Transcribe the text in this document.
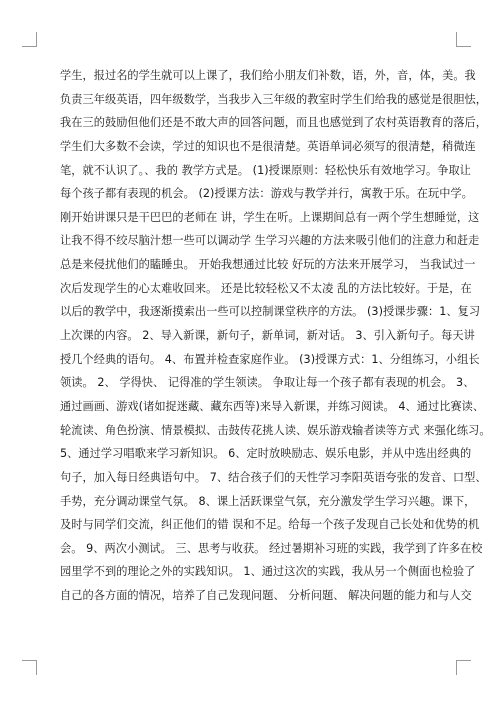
学生，报过名的学生就可以上课了，我们给小朋友们补数，语，外，音，体，美。我
负责三年级英语，四年级数学，当我步入三年级的教室时学生们给我的感觉是很胆怯，
我在三的鼓励但他们还是不敢大声的回答问题，而且也感觉到了农村英语教育的落后，
学生们大多数不会读，学过的知识也不是很清楚。英语单词必须写的很清楚，稍微连
笔，就不认识了。、我的 教学方式是。 (1)授课原则：轻松快乐有效地学习。争取让
每个孩子都有表现的机会。 (2)授课方法：游戏与教学并行，寓教于乐。在玩中学。
刚开始讲课只是干巴巴的老师在 讲，学生在听。上课期间总有一两个学生想睡觉，这
让我不得不绞尽脑汁想一些可以调动学 生学习兴趣的方法来吸引他们的注意力和赶走
总是来侵扰他们的瞌睡虫。 开始我想通过比较 好玩的方法来开展学习， 当我试过一
次后发现学生的心太难收回来。 还是比较轻松又不太凌 乱的方法比较好。于是，在
以后的教学中，我逐渐摸索出一些可以控制课堂秩序的方法。 (3)授课步骤：1、复习
上次课的内容。 2、导入新课，新句子，新单词，新对话。 3、引入新句子。每天讲
授几个经典的语句。 4、布置并检查家庭作业。 (3)授课方式：1、分组练习，小组长
领读。 2、 学得快、 记得准的学生领读。 争取让每一个孩子都有表现的机会。 3、
通过画画、游戏(诸如捉迷藏、藏东西等)来导入新课，并练习阅读。 4、通过比赛读、
轮流读、角色扮演、情景模拟、击鼓传花挑人读、娱乐游戏输者读等方式 来强化练习。
5、通过学习唱歌来学习新知识。 6、定时放映励志、娱乐电影，并从中选出经典的
句子，加入每日经典语句中。 7、结合孩子们的天性学习李阳英语夸张的发音、口型、
手势，充分调动课堂气氛。 8、课上活跃课堂气氛，充分激发学生学习兴趣。课下，
及时与同学们交流，纠正他们的错 误和不足。给每一个孩子发现自己长处和优势的机
会。 9、两次小测试。 三、思考与收获。 经过暑期补习班的实践，我学到了许多在校
园里学不到的理论之外的实践知识。 1、通过这次的实践，我从另一个侧面也检验了
自己的各方面的情况，培养了自己发现问题、 分析问题、 解决问题的能力和与人交
